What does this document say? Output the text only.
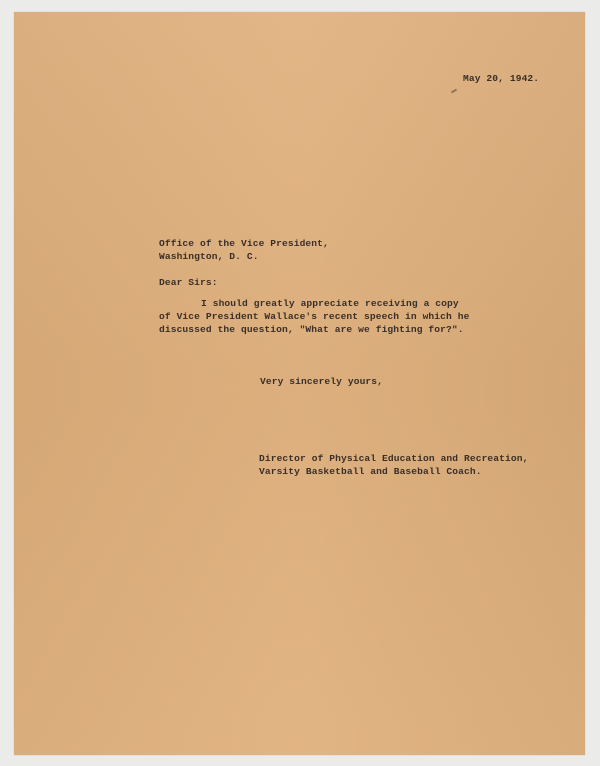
May 20, 1942.
Office of the Vice President,
Washington, D. C.
Dear Sirs:
I should greatly appreciate receiving a copy
of Vice President Wallace's recent speech in which he
discussed the question, "What are we fighting for?".
Very sincerely yours,
Director of Physical Education and Recreation,
Varsity Basketball and Baseball Coach.
